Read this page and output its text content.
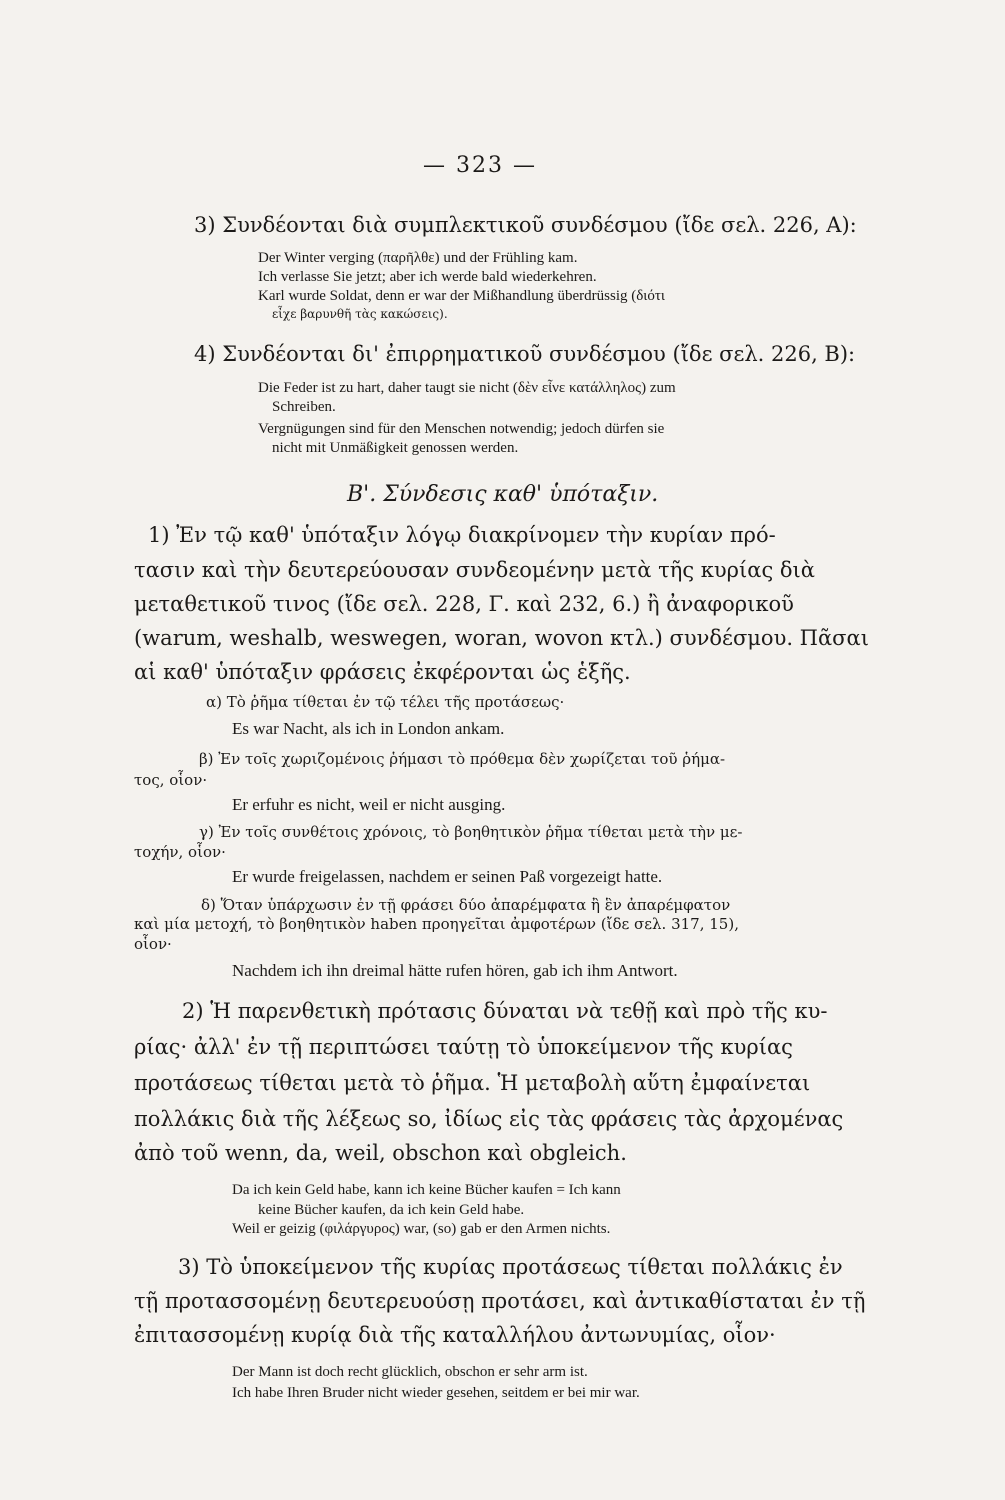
— 323 —

3) Συνδέονται διὰ συμπλεκτικοῦ συνδέσμου (ἴδε σελ. 226, Α):

Der Winter verging (παρῆλθε) und der Frühling kam.

Ich verlasse Sie jetzt; aber ich werde bald wiederkehren.

Karl wurde Soldat, denn er war der Mißhandlung überdrüssig (διότι

εἶχε βαρυνθῆ τὰς κακώσεις).

4) Συνδέονται δι' ἐπιρρηματικοῦ συνδέσμου (ἴδε σελ. 226, Β):

Die Feder ist zu hart, daher taugt sie nicht (δὲν εἶνε κατάλληλος) zum

Schreiben.

Vergnügungen sind für den Menschen notwendig; jedoch dürfen sie

nicht mit Unmäßigkeit genossen werden.

Β'. Σύνδεσις καθ' ὑπόταξιν.

1) Ἐν τῷ καθ' ὑπόταξιν λόγῳ διακρίνομεν τὴν κυρίαν πρό-

τασιν καὶ τὴν δευτερεύουσαν συνδεομένην μετὰ τῆς κυρίας διὰ

μεταθετικοῦ τινος (ἴδε σελ. 228, Γ. καὶ 232, 6.) ἢ ἀναφορικοῦ

(warum, weshalb, weswegen, woran, wovon κτλ.) συνδέσμου. Πᾶσαι

αἱ καθ' ὑπόταξιν φράσεις ἐκφέρονται ὡς ἑξῆς.

α) Τὸ ῥῆμα τίθεται ἐν τῷ τέλει τῆς προτάσεως·

Es war Nacht, als ich in London ankam.

β) Ἐν τοῖς χωριζομένοις ῥήμασι τὸ πρόθεμα δὲν χωρίζεται τοῦ ῥήμα-

τος, οἷον·

Er erfuhr es nicht, weil er nicht ausging.

γ) Ἐν τοῖς συνθέτοις χρόνοις, τὸ βοηθητικὸν ῥῆμα τίθεται μετὰ τὴν με-

τοχήν, οἷον·

Er wurde freigelassen, nachdem er seinen Paß vorgezeigt hatte.

δ) Ὅταν ὑπάρχωσιν ἐν τῇ φράσει δύο ἀπαρέμφατα ἢ ἓν ἀπαρέμφατον

καὶ μία μετοχή, τὸ βοηθητικὸν haben προηγεῖται ἀμφοτέρων (ἴδε σελ. 317, 15),

οἷον·

Nachdem ich ihn dreimal hätte rufen hören, gab ich ihm Antwort.

2) Ἡ παρενθετικὴ πρότασις δύναται νὰ τεθῇ καὶ πρὸ τῆς κυ-

ρίας· ἀλλ' ἐν τῇ περιπτώσει ταύτῃ τὸ ὑποκείμενον τῆς κυρίας

προτάσεως τίθεται μετὰ τὸ ῥῆμα. Ἡ μεταβολὴ αὕτη ἐμφαίνεται

πολλάκις διὰ τῆς λέξεως so, ἰδίως εἰς τὰς φράσεις τὰς ἀρχομένας

ἀπὸ τοῦ wenn, da, weil, obschon καὶ obgleich.

Da ich kein Geld habe, kann ich keine Bücher kaufen = Ich kann

keine Bücher kaufen, da ich kein Geld habe.

Weil er geizig (φιλάργυρος) war, (so) gab er den Armen nichts.

3) Τὸ ὑποκείμενον τῆς κυρίας προτάσεως τίθεται πολλάκις ἐν

τῇ προτασσομένῃ δευτερευούσῃ προτάσει, καὶ ἀντικαθίσταται ἐν τῇ

ἐπιτασσομένῃ κυρίᾳ διὰ τῆς καταλλήλου ἀντωνυμίας, οἷον·

Der Mann ist doch recht glücklich, obschon er sehr arm ist.

Ich habe Ihren Bruder nicht wieder gesehen, seitdem er bei mir war.
